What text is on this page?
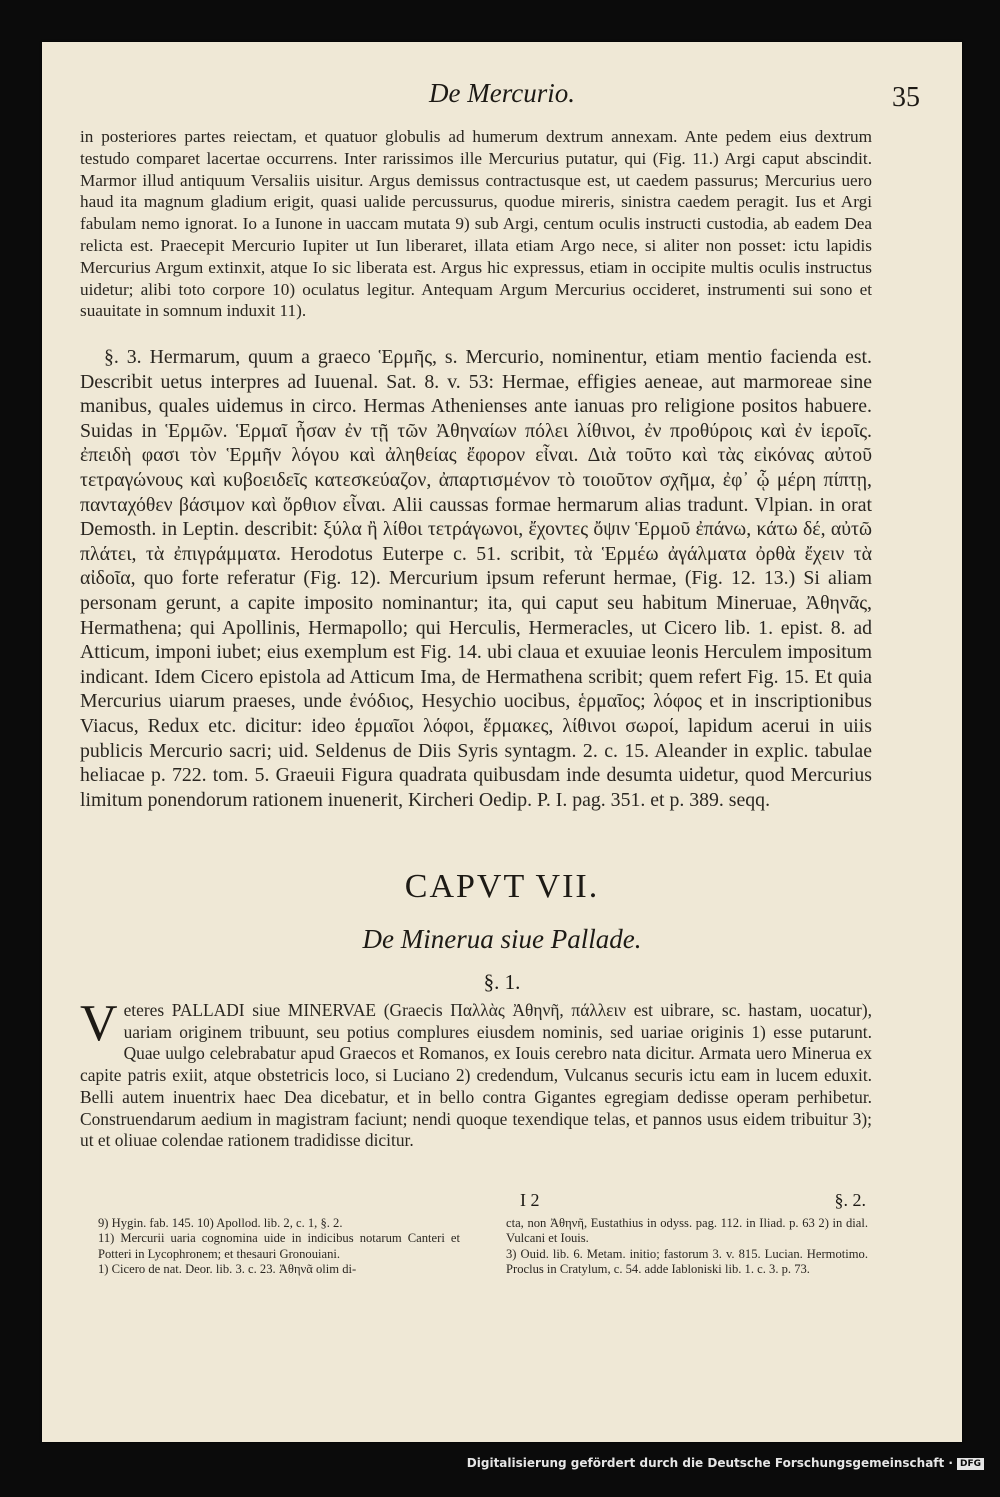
De Mercurio.	35
in posteriores partes reiectam, et quatuor globulis ad humerum dextrum annexam. Ante pedem eius dextrum testudo comparet lacertae occurrens. Inter rarissimos ille Mercurius putatur, qui (Fig. 11.) Argi caput abscindit. Marmor illud antiquum Versaliis uisitur. Argus demissus contractusque est, ut caedem passurus; Mercurius uero haud ita magnum gladium erigit, quasi ualide percussurus, quodue mireris, sinistra caedem peragit. Ius et Argi fabulam nemo ignorat. Io a Iunone in uaccam mutata 9) sub Argi, centum oculis instructi custodia, ab eadem Dea relicta est. Praecepit Mercurio Iupiter ut Iun liberaret, illata etiam Argo nece, si aliter non posset: ictu lapidis Mercurius Argum extinxit, atque Io sic liberata est. Argus hic expressus, etiam in occipite multis oculis instructus uidetur; alibi toto corpore 10) oculatus legitur. Antequam Argum Mercurius occideret, instrumenti sui sono et suauitate in somnum induxit 11).
§. 3. Hermarum, quum a graeco Ἑρμῆς, s. Mercurio, nominentur, etiam mentio facienda est. Describit uetus interpres ad Iuuenal. Sat. 8. v. 53: Hermae, effigies aeneae, aut marmoreae sine manibus, quales uidemus in circo. Hermas Athenienses ante ianuas pro religione positos habuere. Suidas in Ἑρμῶν. Ἑρμαῖ ἦσαν ἐν τῇ τῶν Ἀθηναίων πόλει λίθινοι, ἐν προθύροις καὶ ἐν ἱεροῖς. ἐπειδὴ φασι τὸν Ἑρμῆν λόγου καὶ ἀληθείας ἔφορον εἶναι. Διὰ τοῦτο καὶ τὰς εἰκόνας αὐτοῦ τετραγώνους καὶ κυβοειδεῖς κατεσκεύαζον, ἀπαρτισμένον τὸ τοιοῦτον σχῆμα, ἐφ᾽ ᾧ μέρη πίπτῃ, πανταχόθεν βάσιμον καὶ ὄρθιον εἶναι. Alii caussas formae hermarum alias tradunt. Vlpian. in orat Demosth. in Leptin. describit: ξύλα ἢ λίθοι τετράγωνοι, ἔχοντες ὄψιν Ἑρμοῦ ἐπάνω, κάτω δέ, αὐτῶ πλάτει, τὰ ἐπιγράμματα. Herodotus Euterpe c. 51. scribit, τὰ Ἑρμέω ἀγάλματα ὀρθὰ ἔχειν τὰ αἰδοῖα, quo forte referatur (Fig. 12). Mercurium ipsum referunt hermae, (Fig. 12. 13.) Si aliam personam gerunt, a capite imposito nominantur; ita, qui caput seu habitum Mineruae, Ἀθηνᾶς, Hermathena; qui Apollinis, Hermapollo; qui Herculis, Hermeracles, ut Cicero lib. 1. epist. 8. ad Atticum, imponi iubet; eius exemplum est Fig. 14. ubi claua et exuuiae leonis Herculem impositum indicant. Idem Cicero epistola ad Atticum Ima, de Hermathena scribit; quem refert Fig. 15. Et quia Mercurius uiarum praeses, unde ἐνόδιος, Hesychio uocibus, ἑρμαῖος; λόφος et in inscriptionibus Viacus, Redux etc. dicitur: ideo ἑρμαῖοι λόφοι, ἕρμακες, λίθινοι σωροί, lapidum acerui in uiis publicis Mercurio sacri; uid. Seldenus de Diis Syris syntagm. 2. c. 15. Aleander in explic. tabulae heliacae p. 722. tom. 5. Graeuii Figura quadrata quibusdam inde desumta uidetur, quod Mercurius limitum ponendorum rationem inuenerit, Kircheri Oedip. P. I. pag. 351. et p. 389. seqq.
CAPVT VII.
De Minerua siue Pallade.
§. 1.
Veteres PALLADI siue MINERVAE (Graecis Παλλὰς Ἀθηνῆ, πάλλειν est uibrare, sc. hastam, uocatur), uariam originem tribuunt, seu potius complures eiusdem nominis, sed uariae originis 1) esse putarunt. Quae uulgo celebrabatur apud Graecos et Romanos, ex Iouis cerebro nata dicitur. Armata uero Minerua ex capite patris exiit, atque obstetricis loco, si Luciano 2) credendum, Vulcanus securis ictu eam in lucem eduxit. Belli autem inuentrix haec Dea dicebatur, et in bello contra Gigantes egregiam dedisse operam perhibetur. Construendarum aedium in magistram faciunt; nendi quoque texendique telas, et pannos usus eidem tribuitur 3); ut et oliuae colendae rationem tradidisse dicitur.
I 2	§. 2.
9) Hygin. fab. 145. 10) Apollod. lib. 2, c. 1, §. 2.
11) Mercurii uaria cognomina uide in indicibus notarum Canteri et Potteri in Lycophronem; et thesauri Gronouiani.
1) Cicero de nat. Deor. lib. 3. c. 23. Ἀθηνᾶ olim di-
cta, non Ἀθηνῆ, Eustathius in odyss. pag. 112. in Iliad. p. 63 2) in dial. Vulcani et Iouis.
3) Ouid. lib. 6. Metam. initio; fastorum 3. v. 815. Lucian. Hermotimo. Proclus in Cratylum, c. 54. adde Iabloniski lib. 1. c. 3. p. 73.
Digitalisierung gefördert durch die Deutsche Forschungsgemeinschaft · DFG
